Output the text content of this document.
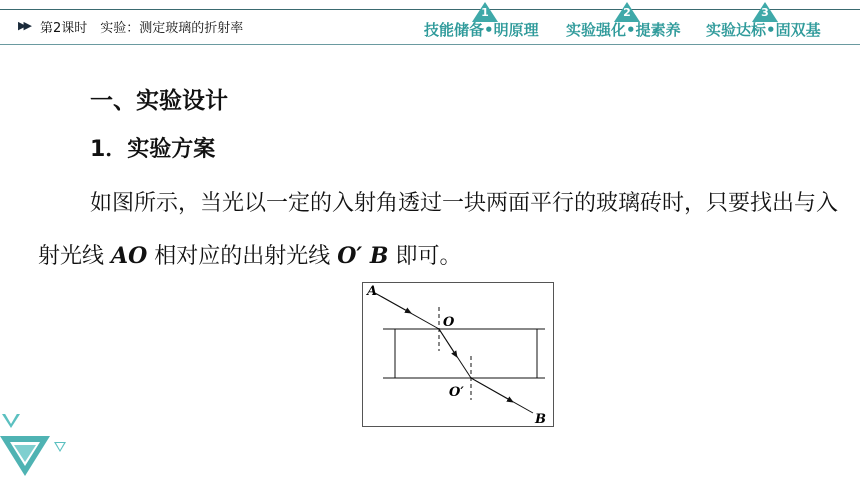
▶▶ 第2课时　实验：测定玻璃的折射率
1
技能储备•明原理
2
实验强化•提素养
3
实验达标•固双基
一、实验设计
1．实验方案
如图所示，当光以一定的入射角透过一块两面平行的玻璃砖时，只要找出与入射光线 AO 相对应的出射光线 O′ B 即可。
A
O
O′
B
